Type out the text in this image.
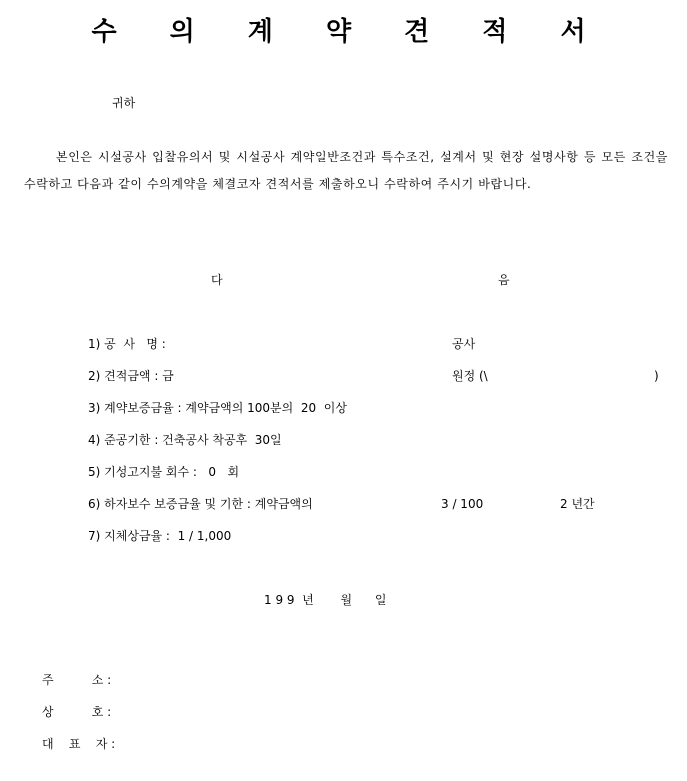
수 의 계 약 견 적 서
귀하
본인은 시설공사 입찰유의서 및 시설공사 계약일반조건과 특수조건, 설계서 및 현장 설명사항 등 모든 조건을 수락하고 다음과 같이 수의계약을 체결코자 견적서를 제출하오니 수락하여 주시기 바랍니다.
다	음
1) 공  사   명 :	공사
2) 견적금액 : 금	원정 (\	)
3) 계약보증금율 : 계약금액의 100분의  20  이상
4) 준공기한 : 건축공사 착공후  30일
5) 기성고지불 회수 :   0   회
6) 하자보수 보증금율 및 기한 : 계약금액의	3 / 100	2 년간
7) 지체상금율 :  1 / 1,000
1 9 9  년       월      일
주          소 :
상          호 :
대    표    자 :
